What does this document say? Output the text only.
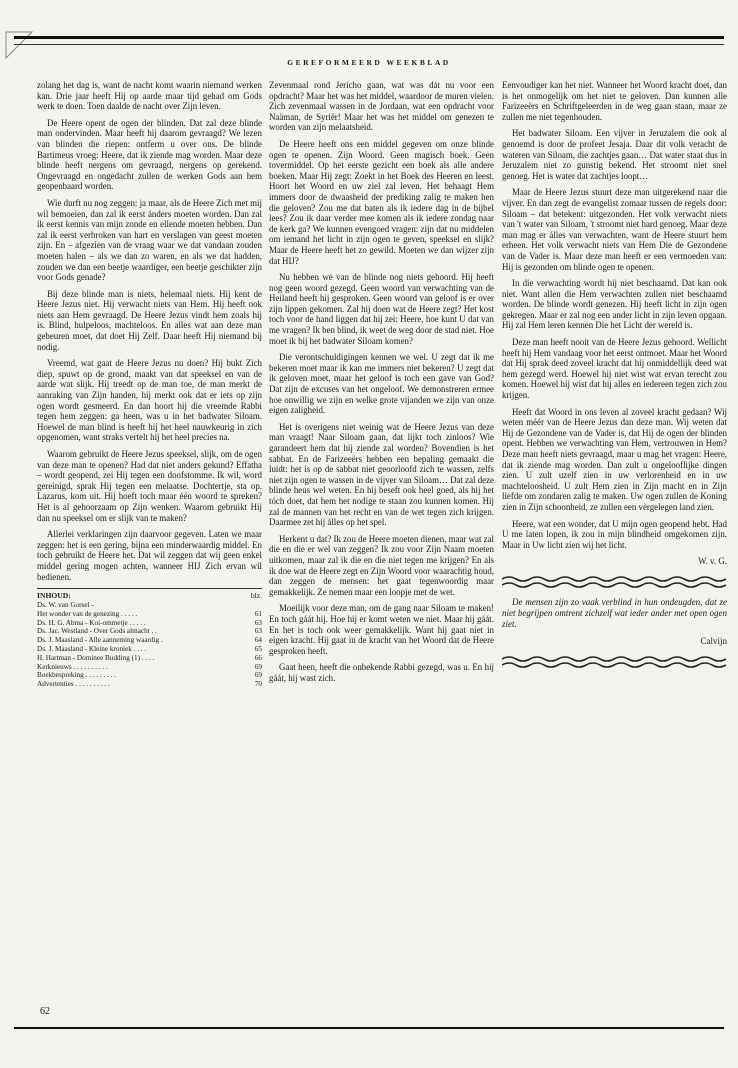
GEREFORMEERD WEEKBLAD

zolang het dag is, want de nacht komt waarin niemand werken kan. Drie jaar heeft Hij op aarde maar tijd gehad om Gods werk te doen. Toen daalde de nacht over Zijn leven.

De Heere opent de ogen der blinden. Dat zal deze blinde man ondervinden. Maar heeft hij daarom gevraagd? We lezen van blinden die riepen: ontferm u over ons. De blinde Bartimeus vroeg: Heere, dat ik ziende mag worden. Maar deze blinde heeft nergens om gevraagd, nergens op gerekend. Ongevraagd en ongedacht zullen de werken Gods aan hem geopenbaard worden.

Wie durft nu nog zeggen: ja maar, als de Heere Zich met mij wil bemoeien, dan zal ik eerst ánders moeten worden. Dan zal ik eerst kennis van mijn zonde en ellende moeten hebben. Dan zal ik eerst verbroken van hart en verslagen van geest moeten zijn. En – afgezien van de vraag waar we dat vandaan zouden moeten halen – als we dan zo waren, en als we dat hadden, zouden we dan een beetje waardiger, een beetje geschikter zijn voor Gods genade?

Bij deze blinde man is niets, helemaal niets. Hij kent de Heere Jezus niet. Hij verwacht niets van Hem. Hij heeft ook niets aan Hem gevraagd. De Heere Jezus vindt hem zoals hij is. Blind, hulpeloos, machteloos. En alles wat aan deze man gebeuren moet, dat doet Hij Zelf. Daar heeft Hij niemand bij nodig.

Vreemd, wat gaat de Heere Jezus nu doen? Hij bukt Zich diep, spuwt op de grond, maakt van dat speeksel en van de aarde wat slijk. Hij treedt op de man toe, de man merkt de aanraking van Zijn handen, hij merkt ook dat er iets op zijn ogen wordt gesmeerd. En dan hoort hij die vreemde Rabbi tegen hem zeggen: ga heen, was u in het badwater Siloam. Hoewel de man blind is heeft hij het heel nauwkeurig in zich opgenomen, want straks vertelt hij het heel precies na.

Waarom gebruikt de Heere Jezus speeksel, slijk, om de ogen van deze man te openen? Had dat niet anders gekund? Effatha – wordt geopend, zei Hij tegen een doofstomme. Ik wil, word gereinigd, sprak Hij tegen een melaatse. Dochtertje, sta op. Lazarus, kom uit. Hij hoeft toch maar één woord te spreken? Het is al gehoorzaam op Zijn wenken. Waarom gebruikt Hij dan nu speeksel om er slijk van te maken?

Allerlei verklaringen zijn daarvoor gegeven. Laten we maar zeggen: het is een gering, bijna een minderwaardig middel. En toch gebruikt de Heere het. Dat wil zeggen dat wij geen enkel middel gering mogen achten, wanneer HIJ Zich ervan wil bedienen.

INHOUD:	blz.
Ds. W. van Gorsel -
Het wonder van de genezing . . . . .	61
Ds. H. G. Abma - Koi-ommetje . . . . .	63
Ds. Jac. Westland - Over Gods almacht . .	63
Ds. J. Maasland - Alle aanneming waardig .	64
Ds. J. Maasland - Kleine kroniek . . . .	65
H. Hartman - Dominee Budding (1) . . . .	66
Kerknieuws . . . . . . . . . .	69
Boekbespreking . . . . . . . . .	69
Advertenties . . . . . . . . . .	70

Zevenmaal rond Jericho gaan, wat was dát nu voor een opdracht? Maar het was het middel, waardoor de muren vielen. Zich zevenmaal wassen in de Jordaan, wat een opdracht voor Naäman, de Syriër! Maar het was het middel om genezen te worden van zijn melaatsheid.

De Heere heeft ons een middel gegeven om onze blinde ogen te openen. Zijn Woord. Geen magisch boek. Geen tovermiddel. Op het eerste gezicht een boek als alle andere boeken. Maar Hij zegt: Zoekt in het Boek des Heeren en leest. Hoort het Woord en uw ziel zal leven. Het behaagt Hem immers door de dwaasheid der prediking zalig te maken hen die geloven? Zou me dat baten als ik iedere dag in de bijbel lees? Zou ik daar verder mee komen als ik iedere zondag naar de kerk ga? We kunnen evengoed vragen: zijn dat nu middelen om iemand het licht in zijn ogen te geven, speeksel en slijk? Maar de Heere heeft het zo gewild. Moeten we dan wijzer zijn dat HIJ?

Nu hebben we van de blinde nog niets gehoord. Hij heeft nog geen woord gezegd. Geen woord van verwachting van de Heiland heeft hij gesproken. Geen woord van geloof is er over zijn lippen gekomen. Zal hij doen wat de Heere zegt? Het kost toch voor de hand liggen dat hij zei: Heere, hoe kunt U dat van me vragen? Ik ben blind, ik weet de weg door de stad niet. Hoe moet ik bij het badwater Siloam komen?

Die verontschuldigingen kennen we wel. U zegt dat ik me bekeren moet maar ik kan me immers niet bekeren? U zegt dat ik geloven moet, maar het geloof is toch een gave van God? Dat zijn de excuses van het ongeloof. We demonstreren ermee hoe onwillig we zijn en welke grote vijanden we zijn van onze eigen zaligheid.

Het is overigens niet weinig wat de Heere Jezus van deze man vraagt! Naar Siloam gaan, dat lijkt toch zinloos? Wie garandeert hem dat hij ziende zal worden? Bovendien is het sabbat. En de Farizeeërs hebben een bepaling gemaakt die luidt: het is op de sabbat niet geoorloofd zich te wassen, zelfs niet zijn ogen te wassen in de vijver van Siloam… Dat zal deze blinde heus wel weten. En hij beseft ook heel goed, als hij het tóch doet, dat hem het nodige te staan zou kunnen komen. Hij zal de mannen van het recht en van de wet tegen zich krijgen. Daarmee zet hij álles op het spel.

Herkent u dat? Ik zou de Heere moeten dienen, maar wat zal die en die er wel van zeggen? Ik zou voor Zijn Naam moeten uitkomen, maar zal ik die en die niet tegen me krijgen? En als ik doe wat de Heere zegt en Zijn Woord voor waarachtig houd, dan zeggen de mensen: het gaat tegenwoordig maar gemakkelijk. Ze nemen maar een loopje met de wet.

Moeilijk voor deze man, om de gang naar Siloam te maken! En toch gáát hij. Hoe hij er komt weten we niet. Maar hij gáát. En het is toch ook weer gemakkelijk. Want hij gaat niet in eigen kracht. Hij gaat in de kracht van het Woord dat de Heere gesproken heeft.

Gaat heen, heeft die onbekende Rabbi gezegd, was u. En hij gáát, hij wast zich.

Eenvoudiger kan het niet. Wanneer het Woord kracht doet, dan is het onmogelijk om het niet te geloven. Dan kunnen alle Farizeeërs en Schriftgeleerden in de weg gaan staan, maar ze zullen me niet tegenhouden.

Het badwater Siloam. Een vijver in Jeruzalem die ook al genoemd is door de profeet Jesaja. Daar dit volk veracht de wateren van Siloam, die zachtjes gaan… Dat water staat dus in Jeruzalem niet zo gunstig bekend. Het stroomt niet snel genoeg. Het is water dat zachtjes loopt…

Maar de Heere Jezus stuurt deze man uitgerekend naar die vijver. En dan zegt de evangelist zomaar tussen de regels door: Siloam – dat betekent: uitgezonden. Het volk verwacht niets van 't water van Siloam, 't stroomt niet hard genoeg. Maar deze man mag er álles van verwachten, want de Heere stuurt hem erheen. Het volk verwacht niets van Hem Die de Gezondene van de Vader is. Maar deze man heeft er een vermoeden van: Hij is gezonden om blinde ogen te openen.

In die verwachting wordt hij niet beschaamd. Dat kan ook niet. Want allen die Hem verwachten zullen niet beschaamd worden. De blinde wordt genezen. Hij heeft licht in zijn ogen gekregen. Maar er zal nog een ander licht in zijn leven opgaan. Hij zal Hem leren kennen Die het Licht der wereld is.

Deze man heeft nooit van de Heere Jezus gehoord. Wellicht heeft hij Hem vandaag voor het eerst ontmoet. Maar het Woord dat Hij sprak deed zoveel kracht dat hij onmiddellijk deed wat hem gezegd werd. Hoewel hij niet wist wat ervan terecht zou komen. Hoewel hij wist dat hij alles en iedereen tegen zich zou krijgen.

Heeft dat Woord in ons leven al zoveel kracht gedaan? Wij weten méér van de Heere Jezus dan deze man. Wij weten dat Hij de Gezondene van de Vader is, dat Hij de ogen der blinden opent. Hebben we verwachting van Hem, vertrouwen in Hem? Deze man heeft niets gevraagd, maar u mag het vragen: Heere, dat ik ziende mag worden. Dan zult u ongelooflijke dingen zien. U zult uzelf zien in uw verlorenheid en in uw machteloosheid. U zult Hem zien in Zijn macht en in Zijn liefde om zondaren zalig te maken. Uw ogen zullen de Koning zien in Zijn schoonheid, ze zullen een vèrgelegen land zien.

Heere, wat een wonder, dat U mijn ogen geopend hebt. Had U me laten lopen, ik zou in mijn blindheid omgekomen zijn. Maar in Uw licht zien wij het licht.

W. v. G.

De mensen zijn zo vaak verblind in hun ondeugden, dat ze niet begrijpen omtrent zichzelf wat ieder ander met open ogen ziet.

Calvijn

62
